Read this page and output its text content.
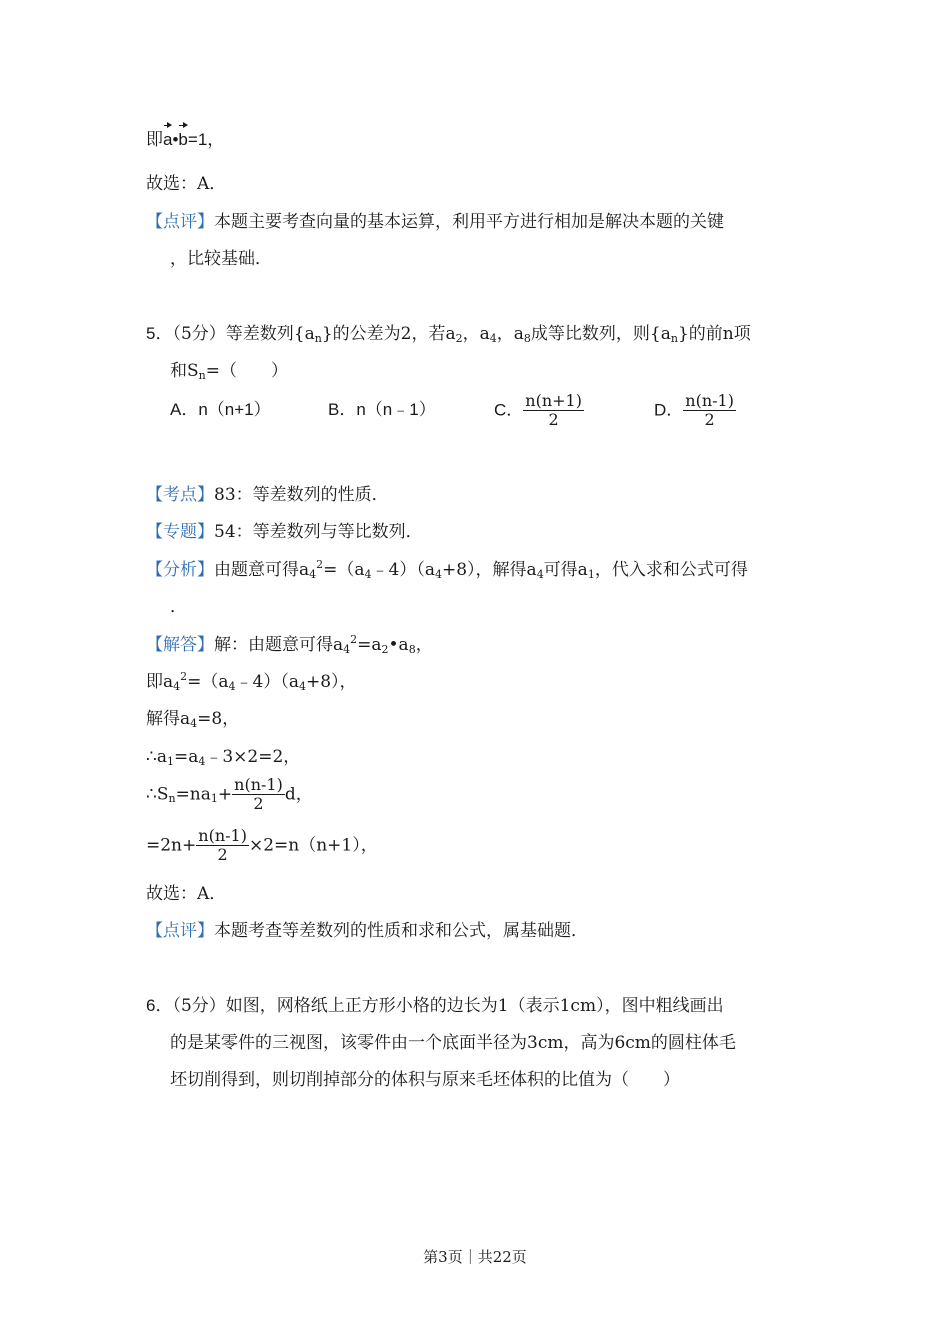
即a•b=1，
故选：A．
【点评】本题主要考查向量的基本运算，利用平方进行相加是解决本题的关键
，比较基础．
5．（5分）等差数列$\{a_n\}$的公差为2，若$a_2$，$a_4$，$a_8$成等比数列，则$\{a_n\}$的前n项
和$S_n=$（　　）
A．n（n+1）	B．n（n﹣1）	C． $\frac{n(n+1)}{2}$	D． $\frac{n(n-1)}{2}$
【考点】83：等差数列的性质．
【专题】54：等差数列与等比数列．
【分析】由题意可得$a_4^2=(a_4﹣4)(a_4+8)$，解得$a_4$可得$a_1$，代入求和公式可得
．
【解答】解：由题意可得$a_4^2=a_2•a_8$，
即$a_4^2=(a_4﹣4)(a_4+8)$，
解得$a_4=8$，
$\therefore a_1=a_4﹣3\times 2=2$，
$\therefore S_n=na_1+ \frac{n(n-1)}{2}$ d，
$=2n+ \frac{n(n-1)}{2} \times 2=n(n+1)$，
故选：A．
【点评】本题考查等差数列的性质和求和公式，属基础题．
6．（5分）如图，网格纸上正方形小格的边长为1（表示1cm），图中粗线画出
的是某零件的三视图，该零件由一个底面半径为3cm，高为6cm的圆柱体毛
坯切削得到，则切削掉部分的体积与原来毛坯体积的比值为（　　）
第3页｜共22页
